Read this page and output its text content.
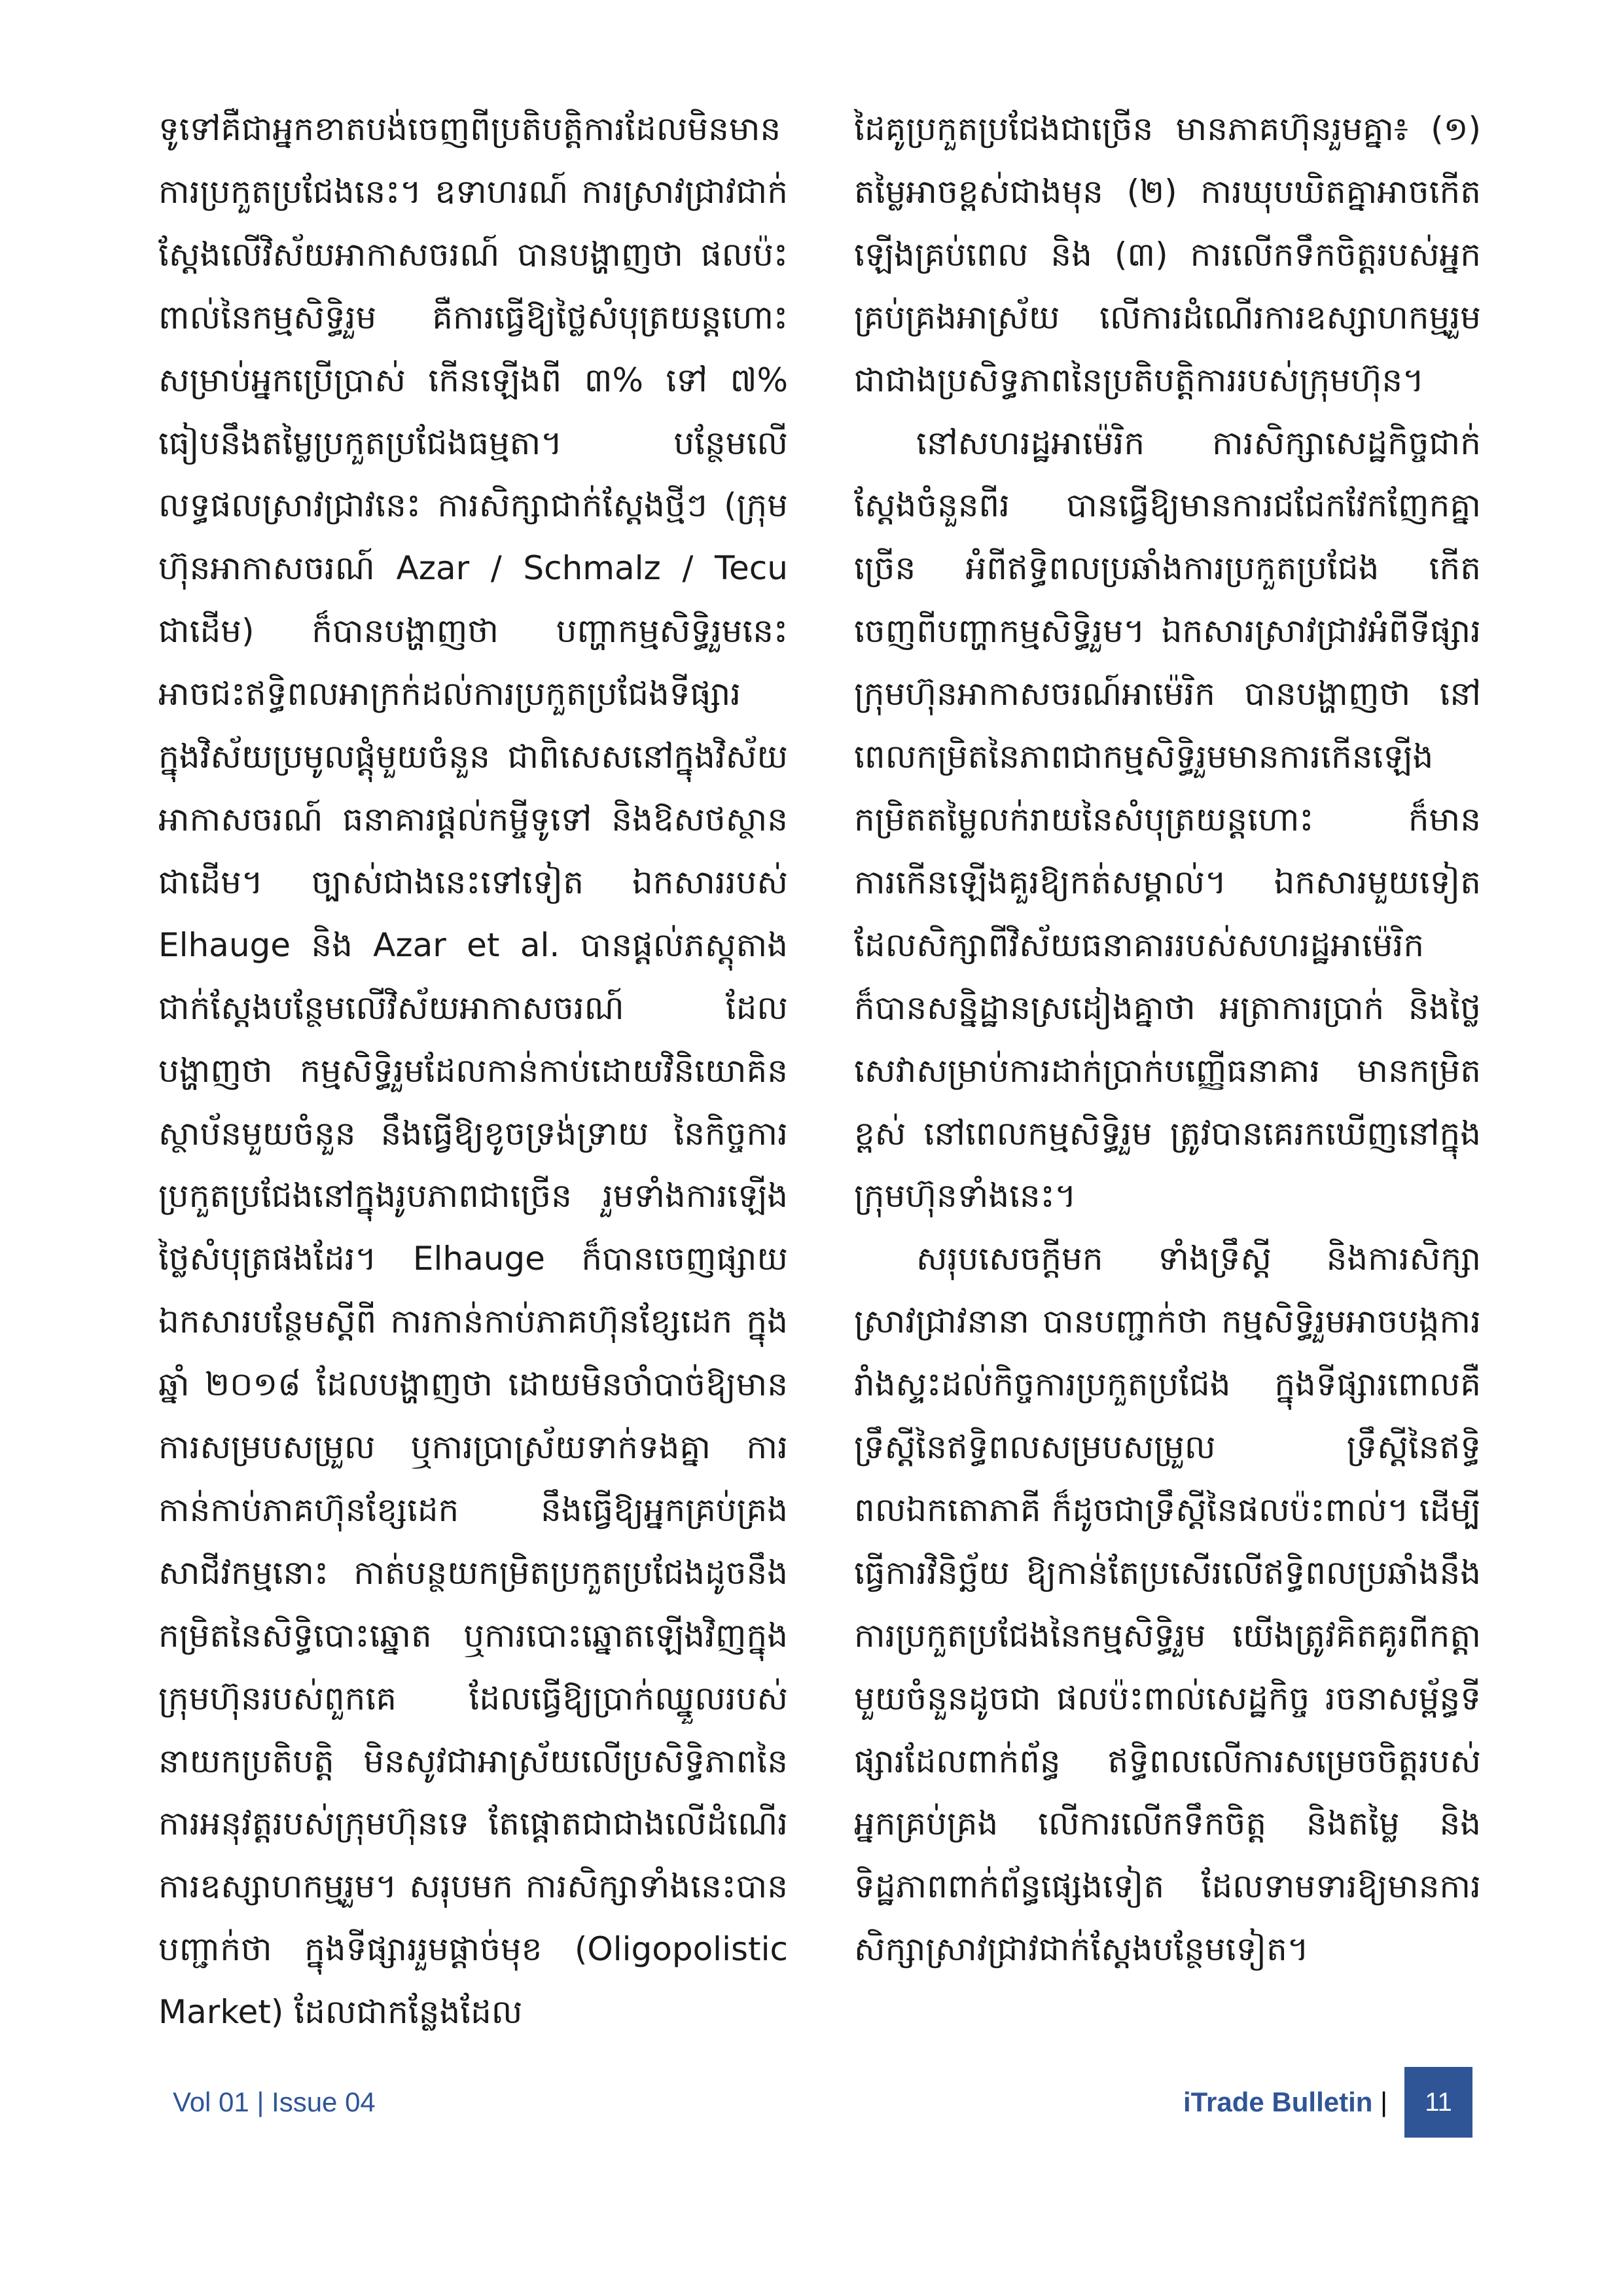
ទូទៅគឺជាអ្នកខាតបង់ចេញពីប្រតិបត្តិការដែលមិនមានការប្រកួតប្រជែងនេះ។ ឧទាហរណ៍ ការស្រាវជ្រាវជាក់ស្តែងលើវិស័យអាកាសចរណ៍ បានបង្ហាញថា ផលប៉ះពាល់នៃកម្មសិទ្ធិរួម គឺការធ្វើឱ្យថ្លៃសំបុត្រយន្តហោះសម្រាប់អ្នកប្រើប្រាស់ កើនឡើងពី ៣% ទៅ ៧% ធៀបនឹងតម្លៃប្រកួតប្រជែងធម្មតា។ បន្ថែមលើលទ្ធផលស្រាវជ្រាវនេះ ការសិក្សាជាក់ស្តែងថ្មីៗ (ក្រុមហ៊ុនអាកាសចរណ៍ Azar / Schmalz / Tecu ជាដើម) ក៏បានបង្ហាញថា បញ្ហាកម្មសិទ្ធិរួមនេះ អាចជះឥទ្ធិពលអាក្រក់ដល់ការប្រកួតប្រជែងទីផ្សារ ក្នុងវិស័យប្រមូលផ្តុំមួយចំនួន ជាពិសេសនៅក្នុងវិស័យអាកាសចរណ៍ ធនាគារផ្តល់កម្ចីទូទៅ និងឱសថស្ថាន ជាដើម។ ច្បាស់ជាងនេះទៅទៀត ឯកសាររបស់ Elhauge និង Azar et al. បានផ្តល់ភស្តុតាងជាក់ស្តែងបន្ថែមលើវិស័យអាកាសចរណ៍ ដែលបង្ហាញថា កម្មសិទ្ធិរួមដែលកាន់កាប់ដោយវិនិយោគិនស្ថាប័នមួយចំនួន នឹងធ្វើឱ្យខូចទ្រង់ទ្រាយ នៃកិច្ចការប្រកួតប្រជែងនៅក្នុងរូបភាពជាច្រើន រួមទាំងការឡើងថ្លៃសំបុត្រផងដែរ។ Elhauge ក៏បានចេញផ្សាយឯកសារបន្ថែមស្តីពី ការកាន់កាប់ភាគហ៊ុនខ្សែដេក ក្នុងឆ្នាំ ២០១៨ ដែលបង្ហាញថា ដោយមិនចាំបាច់ឱ្យមានការសម្របសម្រួល ឬការប្រាស្រ័យទាក់ទងគ្នា ការកាន់កាប់ភាគហ៊ុនខ្សែដេក នឹងធ្វើឱ្យអ្នកគ្រប់គ្រងសាជីវកម្មនោះ កាត់បន្ថយកម្រិតប្រកួតប្រជែងដូចនឹងកម្រិតនៃសិទ្ធិបោះឆ្នោត ឬការបោះឆ្នោតឡើងវិញក្នុងក្រុមហ៊ុនរបស់ពួកគេ ដែលធ្វើឱ្យប្រាក់ឈ្នួលរបស់នាយកប្រតិបត្តិ មិនសូវជាអាស្រ័យលើប្រសិទ្ធិភាពនៃការអនុវត្តរបស់ក្រុមហ៊ុនទេ តែផ្តោតជាជាងលើដំណើរការឧស្សាហកម្មរួម។ សរុបមក ការសិក្សាទាំងនេះបានបញ្ជាក់ថា ក្នុងទីផ្សាររួមផ្តាច់មុខ (Oligopolistic Market) ដែលជាកន្លែងដែល

ដៃគូប្រកួតប្រជែងជាច្រើន មានភាគហ៊ុនរួមគ្នា៖ (១) តម្លៃអាចខ្ពស់ជាងមុន (២) ការឃុបឃិតគ្នាអាចកើតឡើងគ្រប់ពេល និង (៣) ការលើកទឹកចិត្តរបស់អ្នកគ្រប់គ្រងអាស្រ័យ លើការដំណើរការឧស្សាហកម្មរួម ជាជាងប្រសិទ្ធភាពនៃប្រតិបត្តិការរបស់ក្រុមហ៊ុន។

នៅសហរដ្ឋអាម៉េរិក ការសិក្សាសេដ្ឋកិច្ចជាក់ស្តែងចំនួនពីរ បានធ្វើឱ្យមានការជជែកវែកញែកគ្នាច្រើន អំពីឥទ្ធិពលប្រឆាំងការប្រកួតប្រជែង កើតចេញពីបញ្ហាកម្មសិទ្ធិរួម។ ឯកសារស្រាវជ្រាវអំពីទីផ្សារក្រុមហ៊ុនអាកាសចរណ៍អាម៉េរិក បានបង្ហាញថា នៅពេលកម្រិតនៃភាពជាកម្មសិទ្ធិរួមមានការកើនឡើង កម្រិតតម្លៃលក់រាយនៃសំបុត្រយន្តហោះ ក៏មានការកើនឡើងគួរឱ្យកត់សម្គាល់។ ឯកសារមួយទៀត ដែលសិក្សាពីវិស័យធនាគាររបស់សហរដ្ឋអាម៉េរិក ក៏បានសន្និដ្ឋានស្រដៀងគ្នាថា អត្រាការប្រាក់ និងថ្លៃសេវាសម្រាប់ការដាក់ប្រាក់បញ្ញើធនាគារ មានកម្រិតខ្ពស់ នៅពេលកម្មសិទ្ធិរួម ត្រូវបានគេរកឃើញនៅក្នុងក្រុមហ៊ុនទាំងនេះ។

សរុបសេចក្តីមក ទាំងទ្រឹស្តី និងការសិក្សាស្រាវជ្រាវនានា បានបញ្ជាក់ថា កម្មសិទ្ធិរួមអាចបង្កការរាំងស្ទះដល់កិច្ចការប្រកួតប្រជែង ក្នុងទីផ្សារពោលគឺទ្រឹស្តីនៃឥទ្ធិពលសម្របសម្រួល ទ្រឹស្តីនៃឥទ្ធិពលឯកតោភាគី ក៏ដូចជាទ្រឹស្តីនៃផលប៉ះពាល់។ ដើម្បីធ្វើការវិនិច្ឆ័យ ឱ្យកាន់តែប្រសើរលើឥទ្ធិពលប្រឆាំងនឹងការប្រកួតប្រជែងនៃកម្មសិទ្ធិរួម យើងត្រូវគិតគូរពីកត្តាមួយចំនួនដូចជា ផលប៉ះពាល់សេដ្ឋកិច្ច រចនាសម្ព័ន្ធទីផ្សារដែលពាក់ព័ន្ធ ឥទ្ធិពលលើការសម្រេចចិត្តរបស់អ្នកគ្រប់គ្រង លើការលើកទឹកចិត្ត និងតម្លៃ និងទិដ្ឋភាពពាក់ព័ន្ធផ្សេងទៀត ដែលទាមទារឱ្យមានការសិក្សាស្រាវជ្រាវជាក់ស្តែងបន្ថែមទៀត។

Vol 01 | Issue 04	iTrade Bulletin |	11
